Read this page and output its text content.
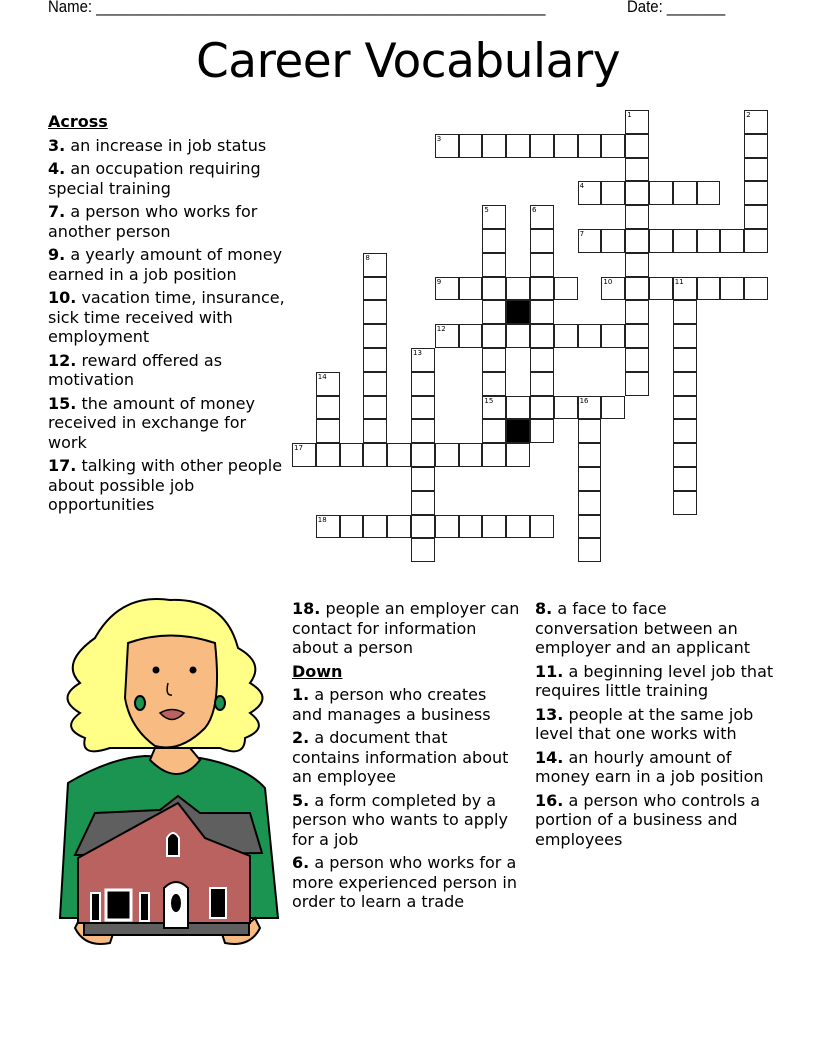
Name: ______________________________________________________	Date: _______
Career Vocabulary
1	2
3
4
5
15
6
7
8
9	10	11
12
13
14
16
17
18
Across
3. an increase in job status
4. an occupation requiring special training
7. a person who works for another person
9. a yearly amount of money earned in a job position
10. vacation time, insurance, sick time received with employment
12. reward offered as motivation
15. the amount of money received in exchange for work
17. talking with other people about possible job opportunities
18. people an employer can contact for information about a person
Down
1. a person who creates and manages a business
2. a document that contains information about an employee
5. a form completed by a person who wants to apply for a job
6. a person who works for a more experienced person in order to learn a trade
8. a face to face conversation between an employer and an applicant
11. a beginning level job that requires little training
13. people at the same job level that one works with
14. an hourly amount of money earn in a job position
16. a person who controls a portion of a business and employees
